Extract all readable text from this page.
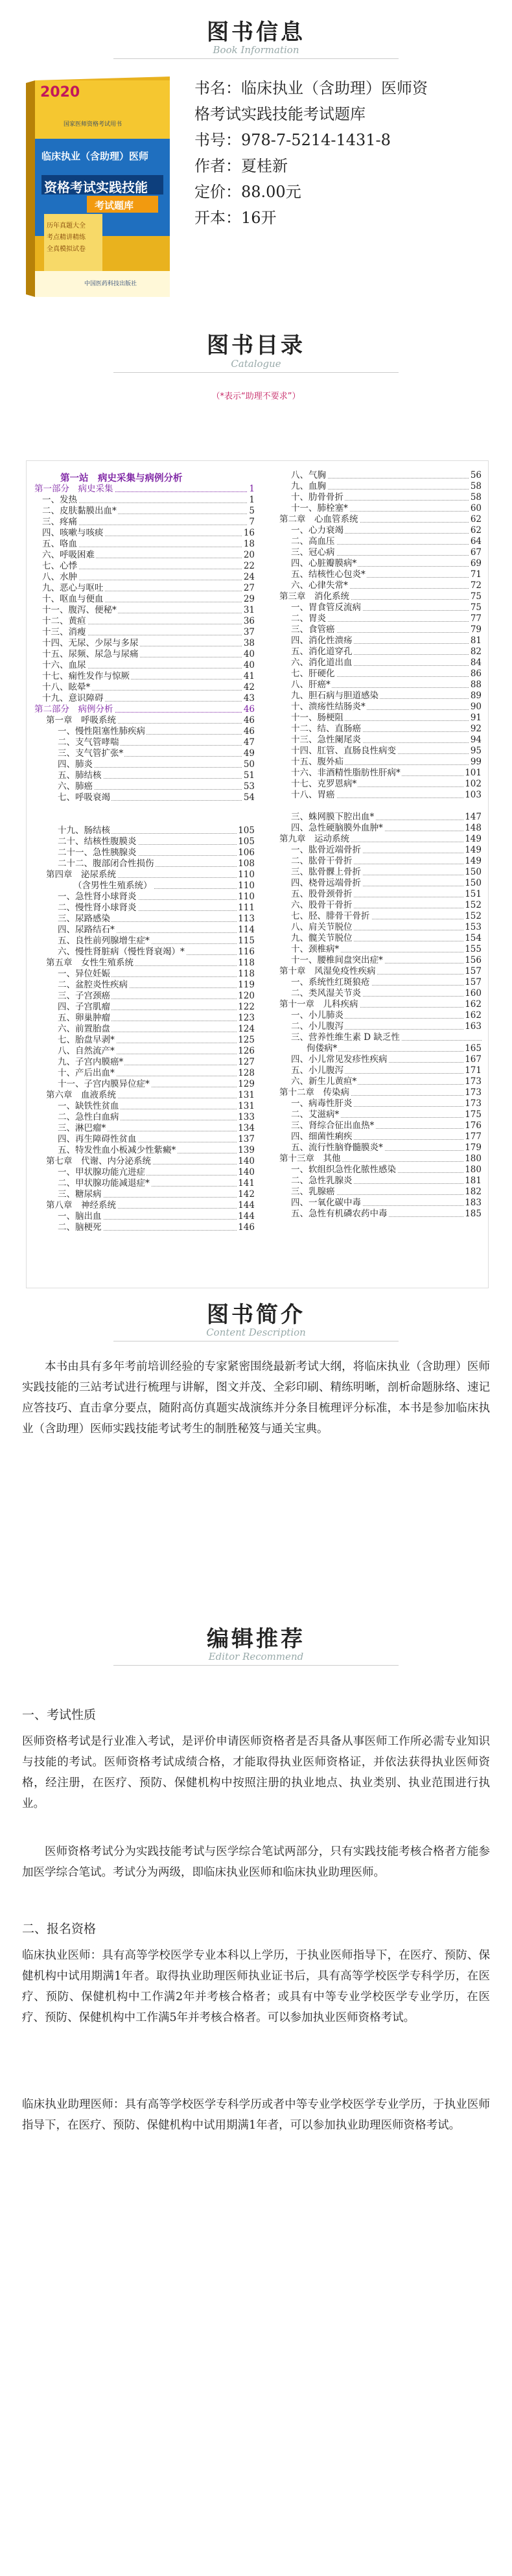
图书信息
Book Information
2020
国家医师资格考试用书
临床执业（含助理）医师
资格考试实践技能
考试题库
历年真题大全
考点精讲精练
全真模拟试卷
中国医药科技出版社
书名：临床执业（含助理）医师资
格考试实践技能考试题库
书号：978-7-5214-1431-8
作者：夏桂新
定价：88.00元
开本：16开
图书目录
Catalogue
（*表示“助理不要求”）
第一站　病史采集与病例分析
第一部分　病史采集	1
一、发热	1
二、皮肤黏膜出血*	5
三、疼痛	7
四、咳嗽与咳痰	16
五、咯血	18
六、呼吸困难	20
七、心悸	22
八、水肿	24
九、恶心与呕吐	27
十、呕血与便血	29
十一、腹泻、便秘*	31
十二、黄疸	36
十三、消瘦	37
十四、无尿、少尿与多尿	38
十五、尿频、尿急与尿痛	40
十六、血尿	40
十七、痫性发作与惊厥	41
十八、眩晕*	42
十九、意识障碍	43
第二部分　病例分析	46
第一章　呼吸系统	46
一、慢性阻塞性肺疾病	46
二、支气管哮喘	47
三、支气管扩张*	49
四、肺炎	50
五、肺结核	51
六、肺癌	53
七、呼吸衰竭	54
十九、肠结核	105
二十、结核性腹膜炎	105
二十一、急性胰腺炎	106
二十二、腹部闭合性损伤	108
第四章　泌尿系统	110
（含男性生殖系统）	110
一、急性肾小球肾炎	110
二、慢性肾小球肾炎	111
三、尿路感染	113
四、尿路结石*	114
五、良性前列腺增生症*	115
六、慢性肾脏病（慢性肾衰竭）*	116
第五章　女性生殖系统	118
一、异位妊娠	118
二、盆腔炎性疾病	119
三、子宫颈癌	120
四、子宫肌瘤	122
五、卵巢肿瘤	123
六、前置胎盘	124
七、胎盘早剥*	125
八、自然流产*	126
九、子宫内膜癌*	127
十、产后出血*	128
十一、子宫内膜异位症*	129
第六章　血液系统	131
一、缺铁性贫血	131
二、急性白血病	133
三、淋巴瘤*	134
四、再生障碍性贫血	137
五、特发性血小板减少性紫癜*	139
第七章　代谢、内分泌系统	140
一、甲状腺功能亢进症	140
二、甲状腺功能减退症*	141
三、糖尿病	142
第八章　神经系统	144
一、脑出血	144
二、脑梗死	146
八、气胸	56
九、血胸	58
十、肋骨骨折	58
十一、肺栓塞*	60
第二章　心血管系统	62
一、心力衰竭	62
二、高血压	64
三、冠心病	67
四、心脏瓣膜病*	69
五、结核性心包炎*	71
六、心律失常*	72
第三章　消化系统	75
一、胃食管反流病	75
二、胃炎	77
三、食管癌	79
四、消化性溃疡	81
五、消化道穿孔	82
六、消化道出血	84
七、肝硬化	86
八、肝癌*	88
九、胆石病与胆道感染	89
十、溃疡性结肠炎*	90
十一、肠梗阻	91
十二、结、直肠癌	92
十三、急性阑尾炎	94
十四、肛管、直肠良性病变	95
十五、腹外疝	99
十六、非酒精性脂肪性肝病*	101
十七、克罗恩病*	102
十八、胃癌	103
三、蛛网膜下腔出血*	147
四、急性硬脑膜外血肿*	148
第九章　运动系统	149
一、肱骨近端骨折	149
二、肱骨干骨折	149
三、肱骨髁上骨折	150
四、桡骨远端骨折	150
五、股骨颈骨折	151
六、股骨干骨折	152
七、胫、腓骨干骨折	152
八、肩关节脱位	153
九、髋关节脱位	154
十、颈椎病*	155
十一、腰椎间盘突出症*	156
第十章　风湿免疫性疾病	157
一、系统性红斑狼疮	157
二、类风湿关节炎	160
第十一章　儿科疾病	162
一、小儿肺炎	162
二、小儿腹泻	163
三、营养性维生素 D 缺乏性
佝偻病*	165
四、小儿常见发疹性疾病	167
五、小儿腹泻	171
六、新生儿黄疸*	173
第十二章　传染病	173
一、病毒性肝炎	173
二、艾滋病*	175
三、肾综合征出血热*	176
四、细菌性痢疾	177
五、流行性脑脊髓膜炎*	179
第十三章　其他	180
一、软组织急性化脓性感染	180
二、急性乳腺炎	181
三、乳腺癌	182
四、一氧化碳中毒	183
五、急性有机磷农药中毒	185
图书简介
Content Description
本书由具有多年考前培训经验的专家紧密围绕最新考试大纲，将临床执业（含助理）医师实践技能的三站考试进行梳理与讲解，图文并茂、全彩印刷、精练明晰，剖析命题脉络、速记应答技巧、直击拿分要点，随附高仿真题实战演练并分条目梳理评分标准，本书是参加临床执业（含助理）医师实践技能考试考生的制胜秘笈与通关宝典。
编辑推荐
Editor Recommend
一、考试性质
医师资格考试是行业准入考试，是评价申请医师资格者是否具备从事医师工作所必需专业知识与技能的考试。医师资格考试成绩合格，才能取得执业医师资格证，并依法获得执业医师资格，经注册，在医疗、预防、保健机构中按照注册的执业地点、执业类别、执业范围进行执业。
医师资格考试分为实践技能考试与医学综合笔试两部分，只有实践技能考核合格者方能参加医学综合笔试。考试分为两级，即临床执业医师和临床执业助理医师。
二、报名资格
临床执业医师：具有高等学校医学专业本科以上学历，于执业医师指导下，在医疗、预防、保健机构中试用期满1年者。取得执业助理医师执业证书后，具有高等学校医学专科学历，在医疗、预防、保健机构中工作满2年并考核合格者；或具有中等专业学校医学专业学历，在医疗、预防、保健机构中工作满5年并考核合格者。可以参加执业医师资格考试。
临床执业助理医师：具有高等学校医学专科学历或者中等专业学校医学专业学历，于执业医师指导下，在医疗、预防、保健机构中试用期满1年者，可以参加执业助理医师资格考试。
